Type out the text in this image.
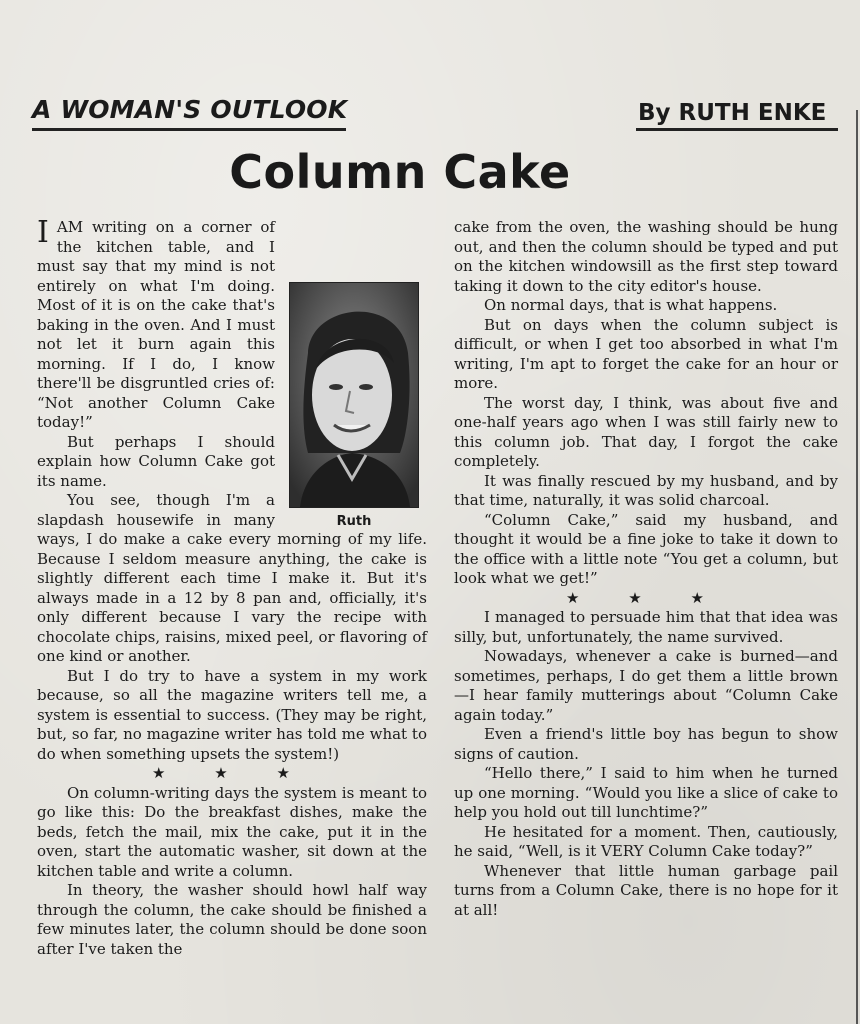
A WOMAN'S OUTLOOK	By RUTH ENKE
Column Cake
Ruth

IAM writing on a corner of the kitchen table, and I must say that my mind is not entirely on what I'm doing. Most of it is on the cake that's baking in the oven. And I must not let it burn again this morning. If I do, I know there'll be disgruntled cries of: “Not another Column Cake today!”

But perhaps I should explain how Column Cake got its name.

You see, though I'm a slapdash housewife in many ways, I do make a cake every morning of my life. Because I seldom measure anything, the cake is slightly different each time I make it. But it's always made in a 12 by 8 pan and, officially, it's only different because I vary the recipe with chocolate chips, raisins, mixed peel, or flavoring of one kind or another.

But I do try to have a system in my work because, so all the magazine writers tell me, a system is essential to success. (They may be right, but, so far, no magazine writer has told me what to do when something upsets the system!)

★ ★ ★

On column-writing days the system is meant to go like this: Do the breakfast dishes, make the beds, fetch the mail, mix the cake, put it in the oven, start the automatic washer, sit down at the kitchen table and write a column.

In theory, the washer should howl half way through the column, the cake should be finished a few minutes later, the column should be done soon after I've taken the

cake from the oven, the washing should be hung out, and then the column should be typed and put on the kitchen windowsill as the first step toward taking it down to the city editor's house.

On normal days, that is what happens.

But on days when the column subject is difficult, or when I get too absorbed in what I'm writing, I'm apt to forget the cake for an hour or more.

The worst day, I think, was about five and one-half years ago when I was still fairly new to this column job. That day, I forgot the cake completely.

It was finally rescued by my husband, and by that time, naturally, it was solid charcoal.

“Column Cake,” said my husband, and thought it would be a fine joke to take it down to the office with a little note “You get a column, but look what we get!”

★ ★ ★

I managed to persuade him that that idea was silly, but, unfortunately, the name survived.

Nowadays, whenever a cake is burned—and sometimes, perhaps, I do get them a little brown—I hear family mutterings about “Column Cake again today.”

Even a friend's little boy has begun to show signs of caution.

“Hello there,” I said to him when he turned up one morning. “Would you like a slice of cake to help you hold out till lunchtime?”

He hesitated for a moment. Then, cautiously, he said, “Well, is it VERY Column Cake today?”

Whenever that little human garbage pail turns from a Column Cake, there is no hope for it at all!
